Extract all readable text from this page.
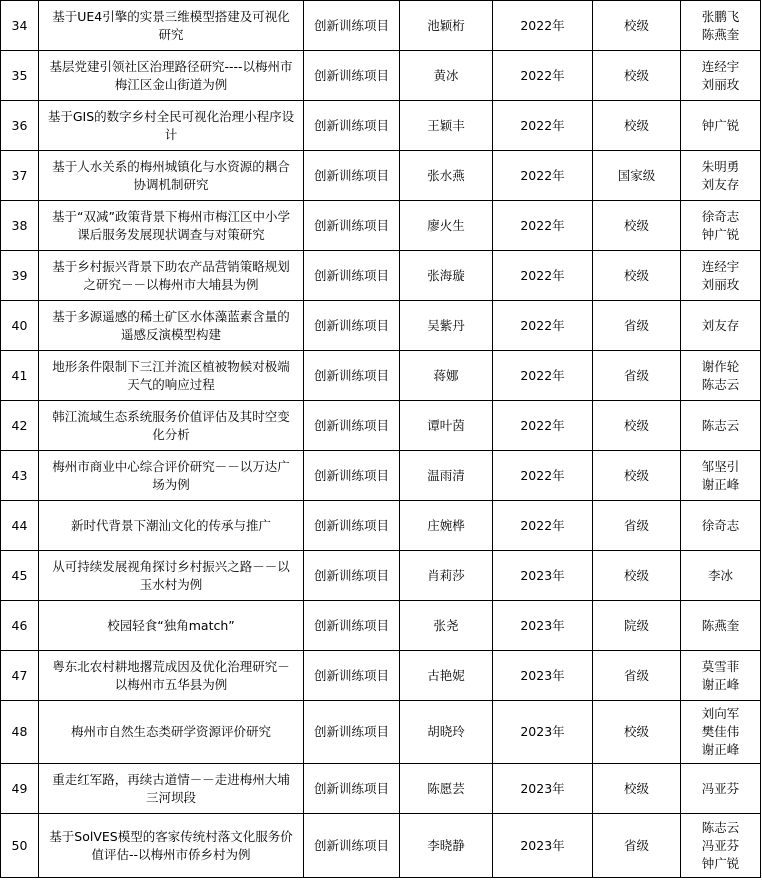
34	基于UE4引擎的实景三维模型搭建及可视化研究	创新训练项目	池颖桁	2022年	校级	张鹏飞
陈燕奎

35	基层党建引领社区治理路径研究----以梅州市梅江区金山街道为例	创新训练项目	黄冰	2022年	校级	连经宇
刘丽玫

36	基于GIS的数字乡村全民可视化治理小程序设计	创新训练项目	王颖丰	2022年	校级	钟广锐

37	基于人水关系的梅州城镇化与水资源的耦合协调机制研究	创新训练项目	张水燕	2022年	国家级	朱明勇
刘友存

38	基于“双减”政策背景下梅州市梅江区中小学课后服务发展现状调查与对策研究	创新训练项目	廖火生	2022年	校级	徐奇志
钟广锐

39	基于乡村振兴背景下助农产品营销策略规划之研究－－以梅州市大埔县为例	创新训练项目	张海璇	2022年	校级	连经宇
刘丽玫

40	基于多源遥感的稀土矿区水体藻蓝素含量的遥感反演模型构建	创新训练项目	吴紫丹	2022年	省级	刘友存

41	地形条件限制下三江并流区植被物候对极端天气的响应过程	创新训练项目	蒋娜	2022年	省级	谢作轮
陈志云

42	韩江流域生态系统服务价值评估及其时空变化分析	创新训练项目	谭叶茵	2022年	校级	陈志云

43	梅州市商业中心综合评价研究－－以万达广场为例	创新训练项目	温雨清	2022年	校级	邹坚引
谢正峰

44	新时代背景下潮汕文化的传承与推广	创新训练项目	庄婉桦	2022年	省级	徐奇志

45	从可持续发展视角探讨乡村振兴之路－－以玉水村为例	创新训练项目	肖莉莎	2023年	校级	李冰

46	校园轻食“独角match”	创新训练项目	张尧	2023年	院级	陈燕奎

47	粤东北农村耕地撂荒成因及优化治理研究－以梅州市五华县为例	创新训练项目	古艳妮	2023年	省级	莫雪菲
谢正峰

48	梅州市自然生态类研学资源评价研究	创新训练项目	胡晓玲	2023年	校级	刘向军
樊佳伟
谢正峰

49	重走红军路，再续古道情－－走进梅州大埔三河坝段	创新训练项目	陈愿芸	2023年	校级	冯亚芬

50	基于SolVES模型的客家传统村落文化服务价值评估--以梅州市侨乡村为例	创新训练项目	李晓静	2023年	省级	陈志云
冯亚芬
钟广锐
